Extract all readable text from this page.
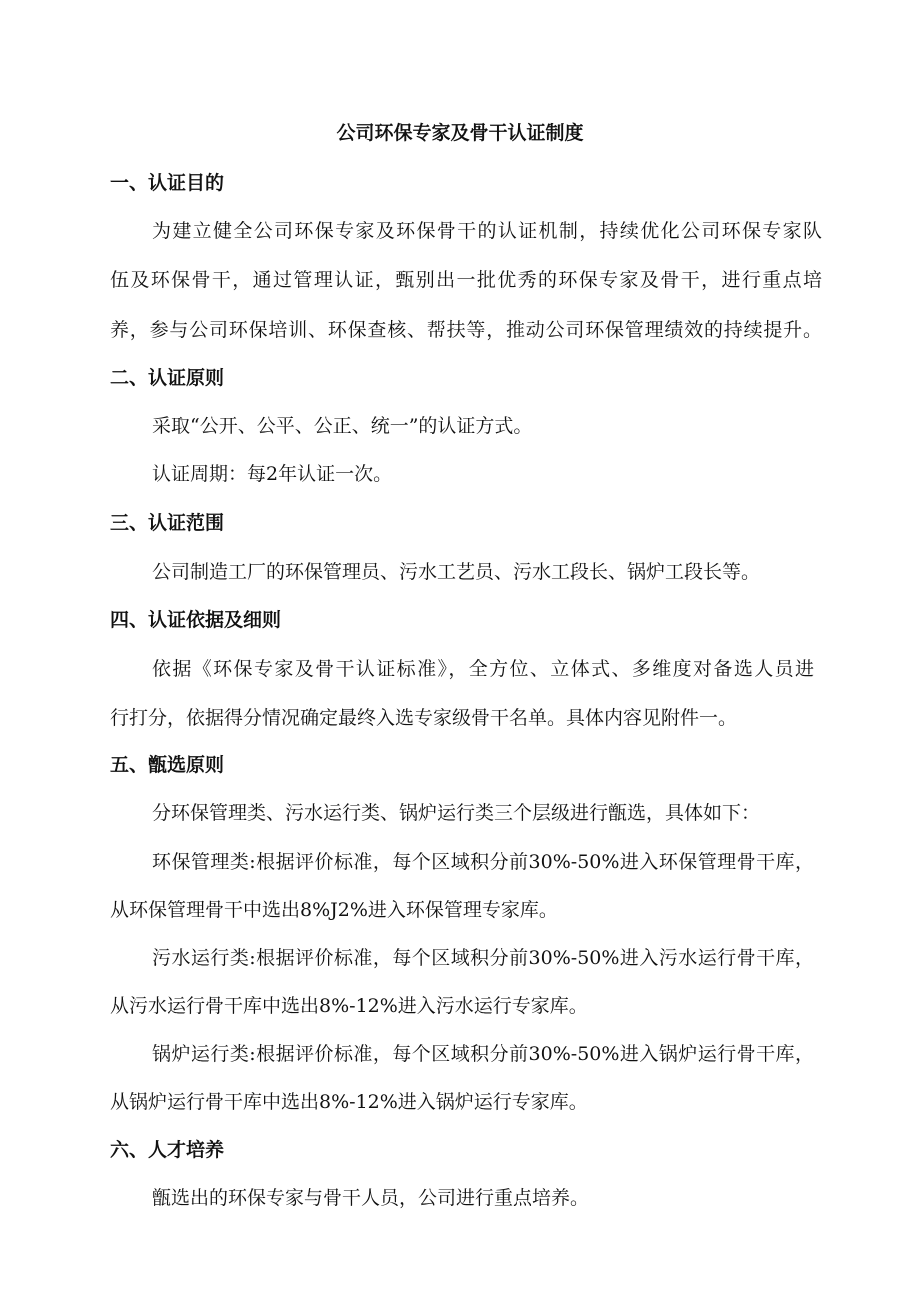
公司环保专家及骨干认证制度
一、认证目的
为建立健全公司环保专家及环保骨干的认证机制，持续优化公司环保专家队
伍及环保骨干，通过管理认证，甄别出一批优秀的环保专家及骨干，进行重点培
养，参与公司环保培训、环保查核、帮扶等，推动公司环保管理绩效的持续提升。
二、认证原则
采取“公开、公平、公正、统一”的认证方式。
认证周期：每2年认证一次。
三、认证范围
公司制造工厂的环保管理员、污水工艺员、污水工段长、锅炉工段长等。
四、认证依据及细则
依据《环保专家及骨干认证标准》，全方位、立体式、多维度对备选人员进
行打分，依据得分情况确定最终入选专家级骨干名单。具体内容见附件一。
五、甑选原则
分环保管理类、污水运行类、锅炉运行类三个层级进行甑选，具体如下：
环保管理类:根据评价标准，每个区域积分前30%-50%进入环保管理骨干库，
从环保管理骨干中选出8%J2%进入环保管理专家库。
污水运行类:根据评价标准，每个区域积分前30%-50%进入污水运行骨干库，
从污水运行骨干库中选出8%-12%进入污水运行专家库。
锅炉运行类:根据评价标准，每个区域积分前30%-50%进入锅炉运行骨干库，
从锅炉运行骨干库中选出8%-12%进入锅炉运行专家库。
六、人才培养
甑选出的环保专家与骨干人员，公司进行重点培养。
